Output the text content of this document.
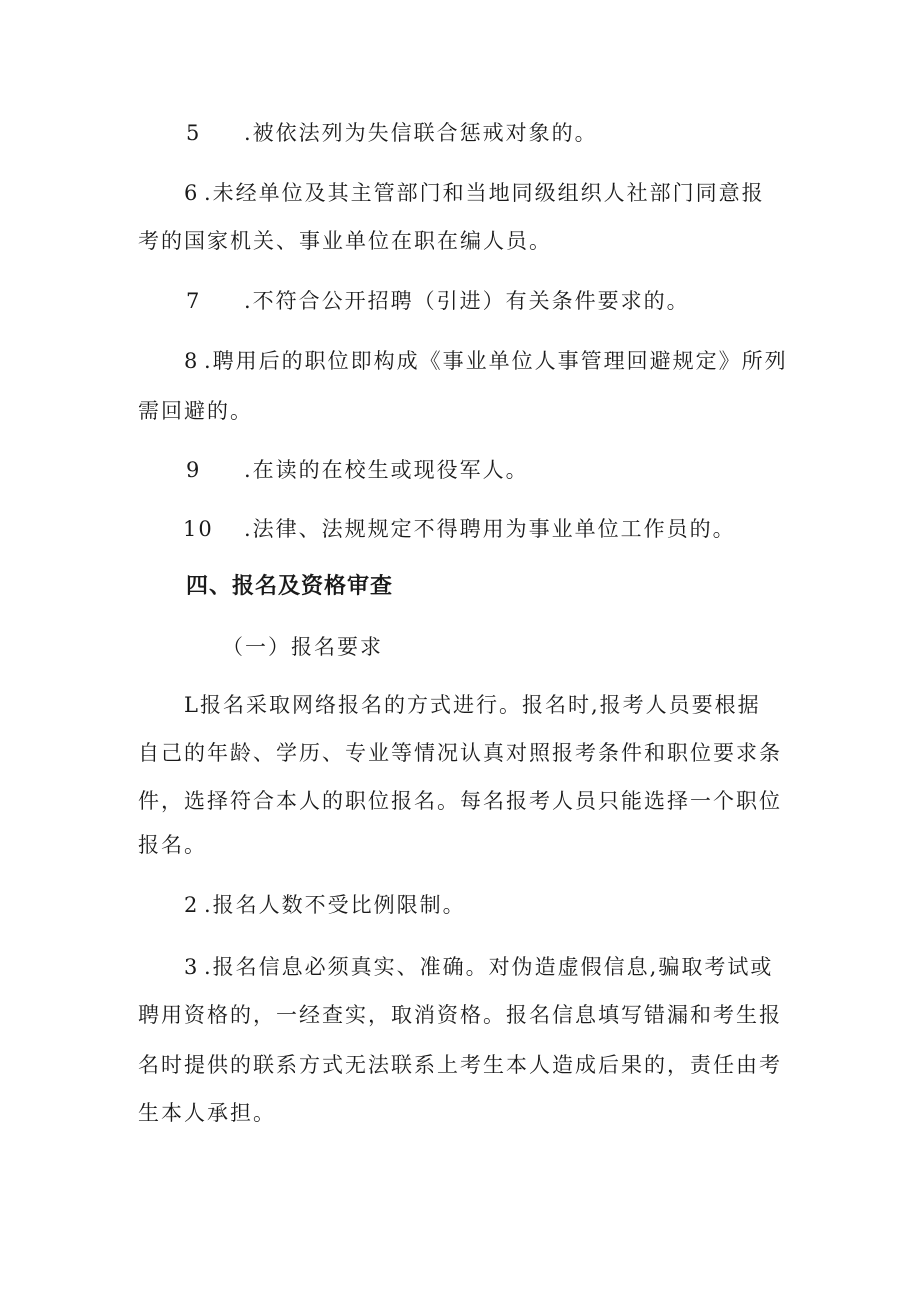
5 .被依法列为失信联合惩戒对象的。
6 .未经单位及其主管部门和当地同级组织人社部门同意报
考的国家机关、事业单位在职在编人员。
7 .不符合公开招聘（引进）有关条件要求的。
8 .聘用后的职位即构成《事业单位人事管理回避规定》所列
需回避的。
9 .在读的在校生或现役军人。
10 .法律、法规规定不得聘用为事业单位工作员的。
四、报名及资格审查
（一）报名要求
L报名采取网络报名的方式进行。报名时,报考人员要根据
自己的年龄、学历、专业等情况认真对照报考条件和职位要求条
件，选择符合本人的职位报名。每名报考人员只能选择一个职位
报名。
2 .报名人数不受比例限制。
3 .报名信息必须真实、准确。对伪造虚假信息,骗取考试或
聘用资格的，一经查实，取消资格。报名信息填写错漏和考生报
名时提供的联系方式无法联系上考生本人造成后果的，责任由考
生本人承担。
